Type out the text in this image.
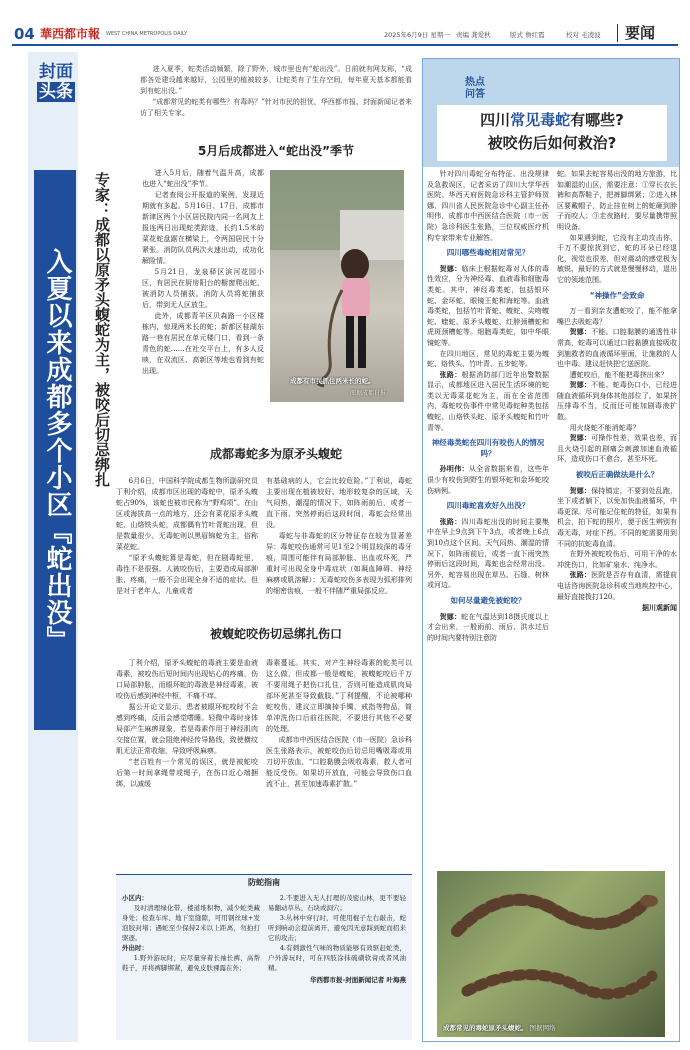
04 華西都市報 WEST CHINA METROPOLIS DAILY	2025年6月9日 星期一 责编 龚爱秋	版式 詹红霞	校对 毛凌波 要闻
封面
头条
入夏以来成都多个小区『蛇出没』	专家：成都以原矛头蝮蛇为主，被咬后切忌绑扎

进入夏季，蛇类活动频繁，除了野外，城市里也有“蛇出没”。日前就有网友称，“成都各处建设越来越好，公园里的植被较多，让蛇类有了生存空间，每年夏天基本都能看到有蛇出没。”

“成都常见的蛇类有哪些？有毒吗？”针对市民的担忧，华西都市报、封面新闻记者来访了相关专家。

5月后成都进入“蛇出没”季节

进入5月后，随着气温升高，成都也进入“蛇出没”季节。

记者查阅公开报道的案例，发现近期就有多起。5月16日、17日，成都市新津区两个小区居民院内同一名网友上报连两日出现蛇类踪迹，长约1.5米的菜花蛇盘踞在横梁上，令两国居民十分紧张。消防队员两次火速出动，成功化解险情。

5月21日，龙泉驿区滨河花园小区，有居民在厨房阳台的橱窗爬出蛇，被消防人员捕获。消防人员将蛇捕获后，带到无人区放生。

此外，成都青羊区贝森路一小区楼栋内，惊现两米长的蛇；新都区桂湖东路一巷有居民在单元楼门口，看到一条青色的蛇……在社交平台上，有多人反映，在双流区、高新区等地也看到有蛇出现。

成都有市民抓住两米长的蛇。
图据成都日报
成都毒蛇多为原矛头蝮蛇

6月6日，中国科学院成都生物所副研究员丁利介绍，成都市区出现的毒蛇中，原矛头蝮蛇占90%，该蛇也被市民称为“野鸡项”。在山区或海拔高一点的地方，还会有菜花原矛头蝮蛇、山烙铁头蛇，成都偶有竹叶青蛇出现，但是数量很少。无毒蛇则以黑眉锦蛇为主，俗称菜花蛇。

“原矛头蝮蛇算是毒蛇，但在剧毒蛇里，毒性不是很强。人被咬伤后，主要造成局部肿胀、疼痛，一般不会出现全身不适的症状。但是对于老年人、儿童或者

有基础病的人，它会比较危险。”丁利说，毒蛇主要出现在植被较好、地形较复杂的区域，天气闷热，潮湿的情况下，如阵雨前后，或者一直下雨、突然停雨后这段时间，毒蛇会经常出没。

毒蛇与非毒蛇的区分特征存在较为显著差异：毒蛇咬伤通常可见1至2个明显较深的毒牙痕，周围可能伴有局部肿胀、出血或坏死，严重时可出现全身中毒症状（如凝血障碍、神经麻痹或肌溶解）；无毒蛇咬伤多表现为弧形排列的细密齿痕，一般不伴随严重局部反应。

被蝮蛇咬伤切忌绑扎伤口

丁利介绍，原矛头蝮蛇的毒液主要是血液毒素，被咬伤后短时间内出现钻心的疼痛，伤口局部肿胀，而眼环蛇的毒液是神经毒素，被咬伤后感到神经中枢，不痛不痒。

据公开论文显示，患者被眼环蛇咬时不会感到疼痛，反而会感觉嗜睡。轻微中毒时身体局部产生麻痹现象，若是毒素作用于神经肌肉交接位置，就会阻绝神经传导路线，致使横纹肌无法正常收缩，导致呼吸麻痹。

“老百姓有一个常见的误区，就是被蛇咬后第一时间拿绳带或绳子，在伤口近心端捆绑，以减缓

毒素蔓延。其实，对产生神经毒素的蛇类可以这么做，但成都一般是蝮蛇，被蝮蛇咬后千万不要用绳子把伤口扎住，否则可能造成肌肉局部坏死甚至导致截肢。”丁利提醒，不论被哪种蛇咬伤，建议立即摘掉手镯、戒指等物品，简单冲洗伤口后前往医院，不要进行其他不必要的处理。

成都市中西医结合医院（市一医院）急诊科医生张路表示，被蛇咬伤后切忌用嘴吸毒或用刀切开放血，“口腔黏膜会吸收毒素，救人者可能反受伤。如果切开放血，可能会导致伤口血流不止，甚至加速毒素扩散。”

防蛇指南
小区内：

及时清理绿化带、楼道堆积物，减少蛇类藏身处；检查车库、地下室缝隙，可用钢丝球+发泡胶封堵；遇蛇至少保持2米以上距离，勿拍打驱逐。

外出时：

1.野外游玩时，应尽量穿着长袖长裤、高帮鞋子，并将裤脚绑紧，避免皮肤裸露在外；

2.不要进入无人打理的茂密山林，更不要轻易翻动草丛、石块或洞穴；

3.丛林中穿行时，可使用棍子左右敲击，蛇听到响动会提前离开，避免因无意踩到蛇而招来它的攻击；

4.有刺激性气味的物质能够有效驱赶蛇类，户外游玩时，可在四肢涂抹硫磺软膏或者风油精。

华西都市报-封面新闻记者 叶海燕
热点
问答
四川常见毒蛇有哪些?
被咬伤后如何救治?

针对四川毒蛇分布特征、出没规律及急救误区，记者采访了四川大学华西医院、华西天府医院急诊科主管护师贺娜，四川省人民医院急诊中心副主任孙明伟，成都市中西医结合医院（市一医院）急诊科医生张路，三位权威医疗机构专家带来专业解答。

四川哪些毒蛇相对常见？

贺娜：临床上根据蛇毒对人体的毒性效应，分为神经毒、血液毒和细胞毒类蛇。其中，神经毒类蛇，包括银环蛇、金环蛇、眼镜王蛇和海蛇等。血液毒类蛇，包括竹叶青蛇、蝮蛇、尖吻蝮蛇、蝰蛇、原矛头蝮蛇、红脖颈槽蛇和虎斑颈槽蛇等。细胞毒类蛇，如中华眼镜蛇等。

在四川地区，常见的毒蛇主要为蝮蛇、烙铁头、竹叶青、五步蛇等。

张路：根据消防部门近年出警数据显示，成都地区进入居民生活环境的蛇类以无毒菜花蛇为主，而在全省范围内，毒蛇咬伤事件中常见毒蛇种类包括蝮蛇、山烙铁头蛇、原矛头蝮蛇和竹叶青等。

神经毒类蛇在四川有咬伤人的情况吗？

孙明伟：从全省数据来看，这些年很少有咬伤到野生的银环蛇和金环蛇咬伤病例。

四川毒蛇喜欢好久出没？

张路：四川毒蛇出没的时间主要集中在早上9点到下午3点，或者晚上6点到10点这个区间。天气闷热、潮湿的情况下，如阵雨前后，或者一直下雨突然停雨后这段时间，毒蛇也会经常出没。另外，蛇容易出现在草丛、石缝、树林或河边。

如何尽量避免被蛇咬？

贺娜：蛇在气温达到18摄氏度以上才会出来，一般雨前、雨后、洪水过后的时间内要特别注意防

蛇。如果去蛇容易出没的地方旅游，比如潮湿的山区，需要注意：①穿长衣长裤和高帮鞋子，把裤脚绑紧；②进入林区要戴帽子，防止挂在树上的蛇砸到脖子而咬人；③走夜路时，要尽量携带照明设备。

如果遇到蛇，它没有主动攻击你，千万不要惊扰到它，蛇的耳朵已经退化，视觉也很差，但对震动的感觉极为敏锐，最好的方式就是慢慢移动，退出它的领地范围。

“神操作”会致命

万一看到亲友遭蛇咬了，能不能拿嘴巴去吸蛇毒？

贺娜：不能。口腔黏膜的通透性非常高，蛇毒可以通过口腔黏膜直接吸收到施救者的血液循环里面，让施救的人也中毒。建议赶快把它送医院。

遭蛇咬后，能不能把毒挤出来？

贺娜：不能。蛇毒伤口小，已经进随血液循环到身体其他部位了。如果挤压排毒不当，反而还可能加剧毒液扩散。

用火烧蛇不能消蛇毒？

贺娜：可操作性差，效果也差，而且火烧引起的剧痛会刺激加速血液循环，造成伤口不愈合，甚至坏死。

被咬后正确做法是什么？

贺娜：保持镇定，不要到处乱跑，坐下或者躺下，以免加快血液循环，中毒更深。尽可能记住蛇的特征，如果有机会，拍下蛇的照片，便于医生辨别有毒无毒，对症下药。不同的蛇需要用到不同的抗蛇毒血清。

在野外被蛇咬伤后，可用干净的水冲洗伤口，比如矿泉水、纯净水。

张路：医院是否存有血清，需提前电话咨询医院急诊科或当地疾控中心，最好直接拨打120。

据川观新闻
成都常见的毒蛇原矛头蝮蛇。 图据网络
